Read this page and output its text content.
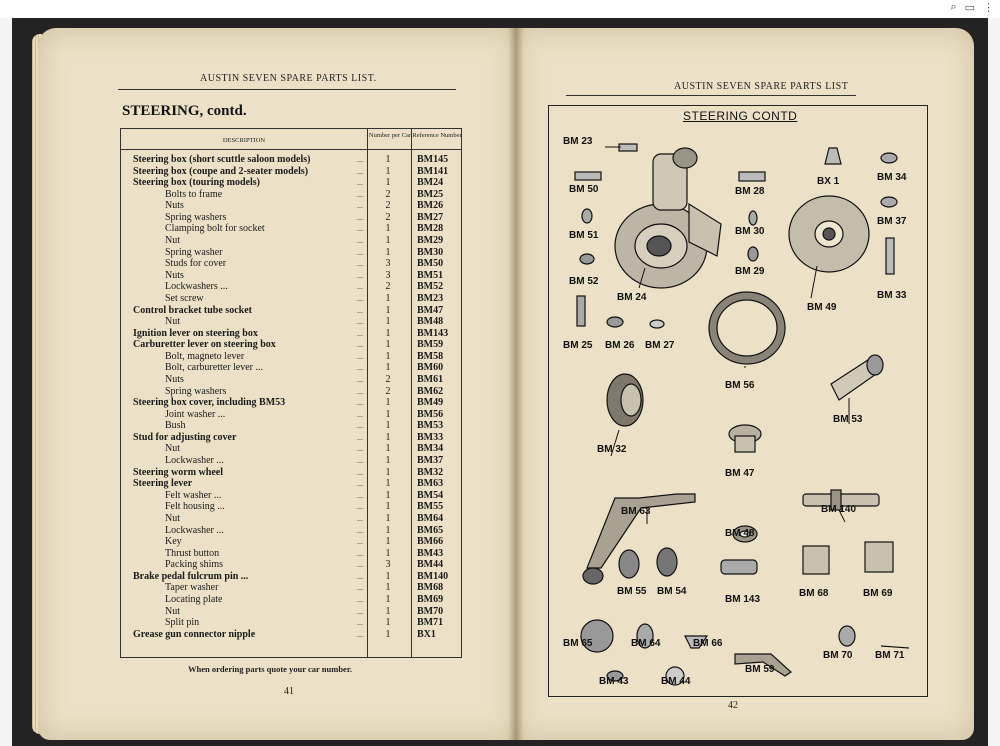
⌕ ▭ ⋮
AUSTIN SEVEN SPARE PARTS LIST.
STEERING, contd.
DESCRIPTION
Number per Car Reference Number
Steering box (short scuttle saloon models)	...	1	BM145
Steering box (coupe and 2-seater models)	...	1	BM141
Steering box (touring models)	...	1	BM24
Bolts to frame	...	2	BM25
Nuts	...	2	BM26
Spring washers	...	2	BM27
Clamping bolt for socket	...	1	BM28
Nut	...	1	BM29
Spring washer	...	1	BM30
Studs for cover	...	3	BM50
Nuts	...	3	BM51
Lockwashers ...	...	2	BM52
Set screw	...	1	BM23
Control bracket tube socket	...	1	BM47
Nut	...	1	BM48
Ignition lever on steering box	...	1	BM143
Carburetter lever on steering box	...	1	BM59
Bolt, magneto lever	...	1	BM58
Bolt, carburetter lever ...	...	1	BM60
Nuts	...	2	BM61
Spring washers	...	2	BM62
Steering box cover, including BM53	...	1	BM49
Joint washer ...	...	1	BM56
Bush	...	1	BM53
Stud for adjusting cover	...	1	BM33
Nut	...	1	BM34
Lockwasher ...	...	1	BM37
Steering worm wheel	...	1	BM32
Steering lever	...	1	BM63
Felt washer ...	...	1	BM54
Felt housing ...	...	1	BM55
Nut	...	1	BM64
Lockwasher ...	...	1	BM65
Key	...	1	BM66
Thrust button	...	1	BM43
Packing shims	...	3	BM44
Brake pedal fulcrum pin ...	...	1	BM140
Taper washer	...	1	BM68
Locating plate	...	1	BM69
Nut	...	1	BM70
Split pin	...	1	BM71
Grease gun connector nipple	...	1	BX1
When ordering parts quote your car number.
41
AUSTIN SEVEN SPARE PARTS LIST
STEERING CONTD
BM 23
BM 50
BM 51
BM 52
BM 24
BM 28
BM 30
BM 29
BX 1	BM 34
BM 37
BM 33
BM 49
BM 25 BM 26 BM 27
BM 56
BM 53
BM 32
BM 47
BM 63
BM 48
BM 140
BM 55 BM 54
BM 143
BM 68	BM 69
BM 65	BM 64	BM 66
BM 70 BM 71
BM 43	BM 44
BM 59
42
